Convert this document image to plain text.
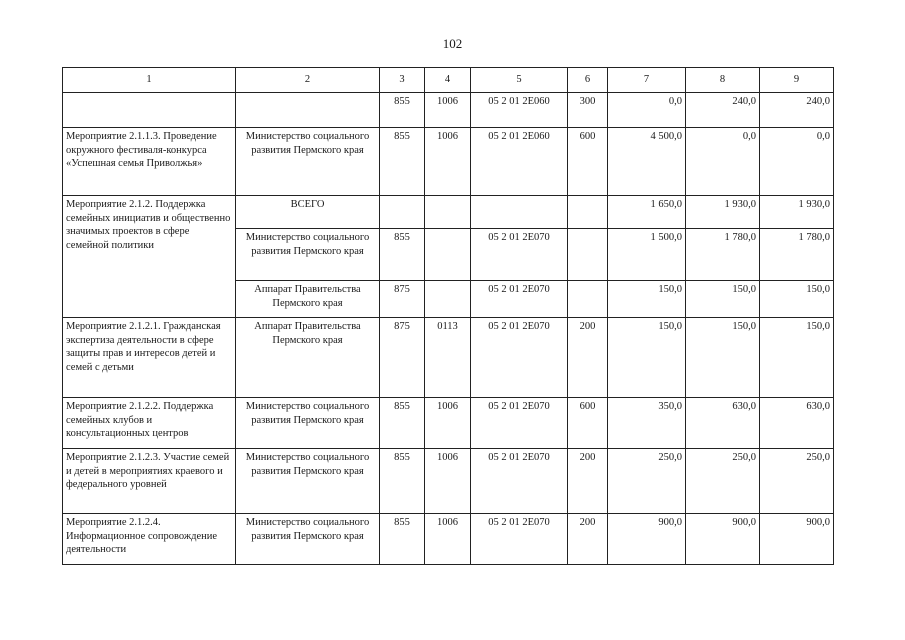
102
1	2	3	4	5	6	7	8	9
		855	1006	05 2 01 2Е060	300	0,0	240,0	240,0
Мероприятие 2.1.1.3. Проведение окружного фестиваля-конкурса «Успешная семья Приволжья»	Министерство социального развития Пермского края	855	1006	05 2 01 2Е060	600	4 500,0	0,0	0,0
Мероприятие 2.1.2. Поддержка семейных инициатив и общественно значимых проектов в сфере семейной политики	ВСЕГО					1 650,0	1 930,0	1 930,0
	Министерство социального развития Пермского края	855		05 2 01 2Е070		1 500,0	1 780,0	1 780,0
	Аппарат Правительства Пермского края	875		05 2 01 2Е070		150,0	150,0	150,0
Мероприятие 2.1.2.1. Гражданская экспертиза деятельности в сфере защиты прав и интересов детей и семей с детьми	Аппарат Правительства Пермского края	875	0113	05 2 01 2Е070	200	150,0	150,0	150,0
Мероприятие 2.1.2.2. Поддержка семейных клубов и консультационных центров	Министерство социального развития Пермского края	855	1006	05 2 01 2Е070	600	350,0	630,0	630,0
Мероприятие 2.1.2.3. Участие семей и детей в мероприятиях краевого и федерального уровней	Министерство социального развития Пермского края	855	1006	05 2 01 2Е070	200	250,0	250,0	250,0
Мероприятие 2.1.2.4. Информационное сопровождение деятельности	Министерство социального развития Пермского края	855	1006	05 2 01 2Е070	200	900,0	900,0	900,0
